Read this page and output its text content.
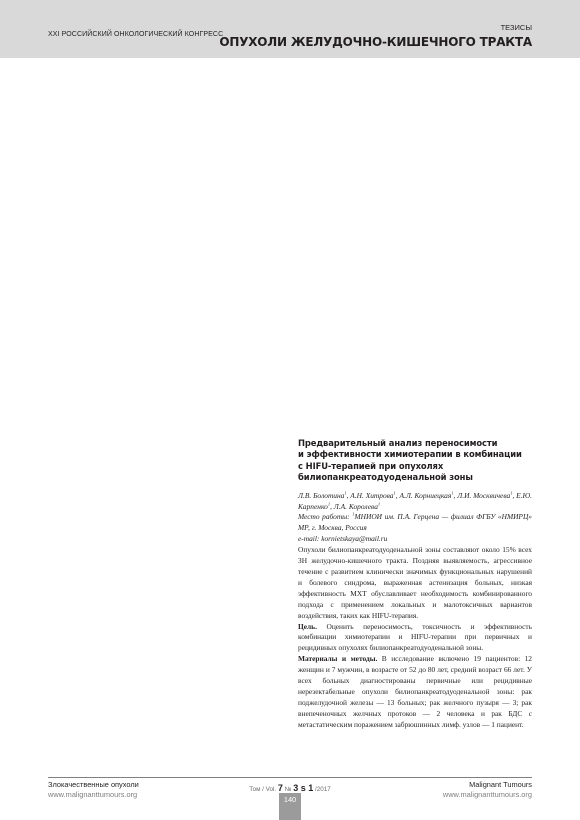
XXI РОССИЙСКИЙ ОНКОЛОГИЧЕСКИЙ КОНГРЕСС
ТЕЗИСЫ
ОПУХОЛИ ЖЕЛУДОЧНО-КИШЕЧНОГО ТРАКТА
Предварительный анализ переносимости
и эффективности химиотерапии в комбинации
с HIFU-терапией при опухолях
билиопанкреатодуоденальной зоны
Л.В. Болотина$^1$, А.Н. Хитрова$^1$, А.Л. Корниецкая$^1$, Л.И. Москвичева$^1$, Е.Ю. Карпенко$^1$, Л.А. Королева$^1$
Место работы: $^1$МНИОИ им. П.А. Герцена — филиал ФГБУ «НМИРЦ» МР, г. Москва, Россия
e-mail: kornietskaya@mail.ru

Опухоли билиопанкреатодуоденальной зоны составляют около 15% всех ЗН желудочно-кишечного тракта. Поздняя выявляемость, агрессивное течение с развитием клинически значимых функциональных нарушений и болевого синдрома, выраженная астенизация больных, низкая эффективность МХТ обуславливает необходимость комбинированного подхода с применением локальных и малотоксичных вариантов воздействия, таких как HIFU-терапия.

Цель. Оценить переносимость, токсичность и эффективность комбинации химиотерапии и HIFU-терапии при первичных и рецидивных опухолях билиопанкреатодуоденальной зоны.

Материалы и методы. В исследование включено 19 пациентов: 12 женщин и 7 мужчин, в возрасте от 52 до 80 лет, средний возраст 66 лет. У всех больных диагностированы первичные или рецидивные нерезектабельные опухоли билиопанкреатодуоденальной зоны: рак поджелудочной железы — 13 больных; рак желчного пузыря — 3; рак внепеченочных желчных протоков — 2 человека и рак БДС с метастатическим поражением забрюшинных лимф. узлов — 1 пациент.

Злокачественные опухоли
www.malignanttumours.org
Том / Vol. 7 № 3 s 1 /2017
140
Malignant Tumours
www.malignanttumours.org
